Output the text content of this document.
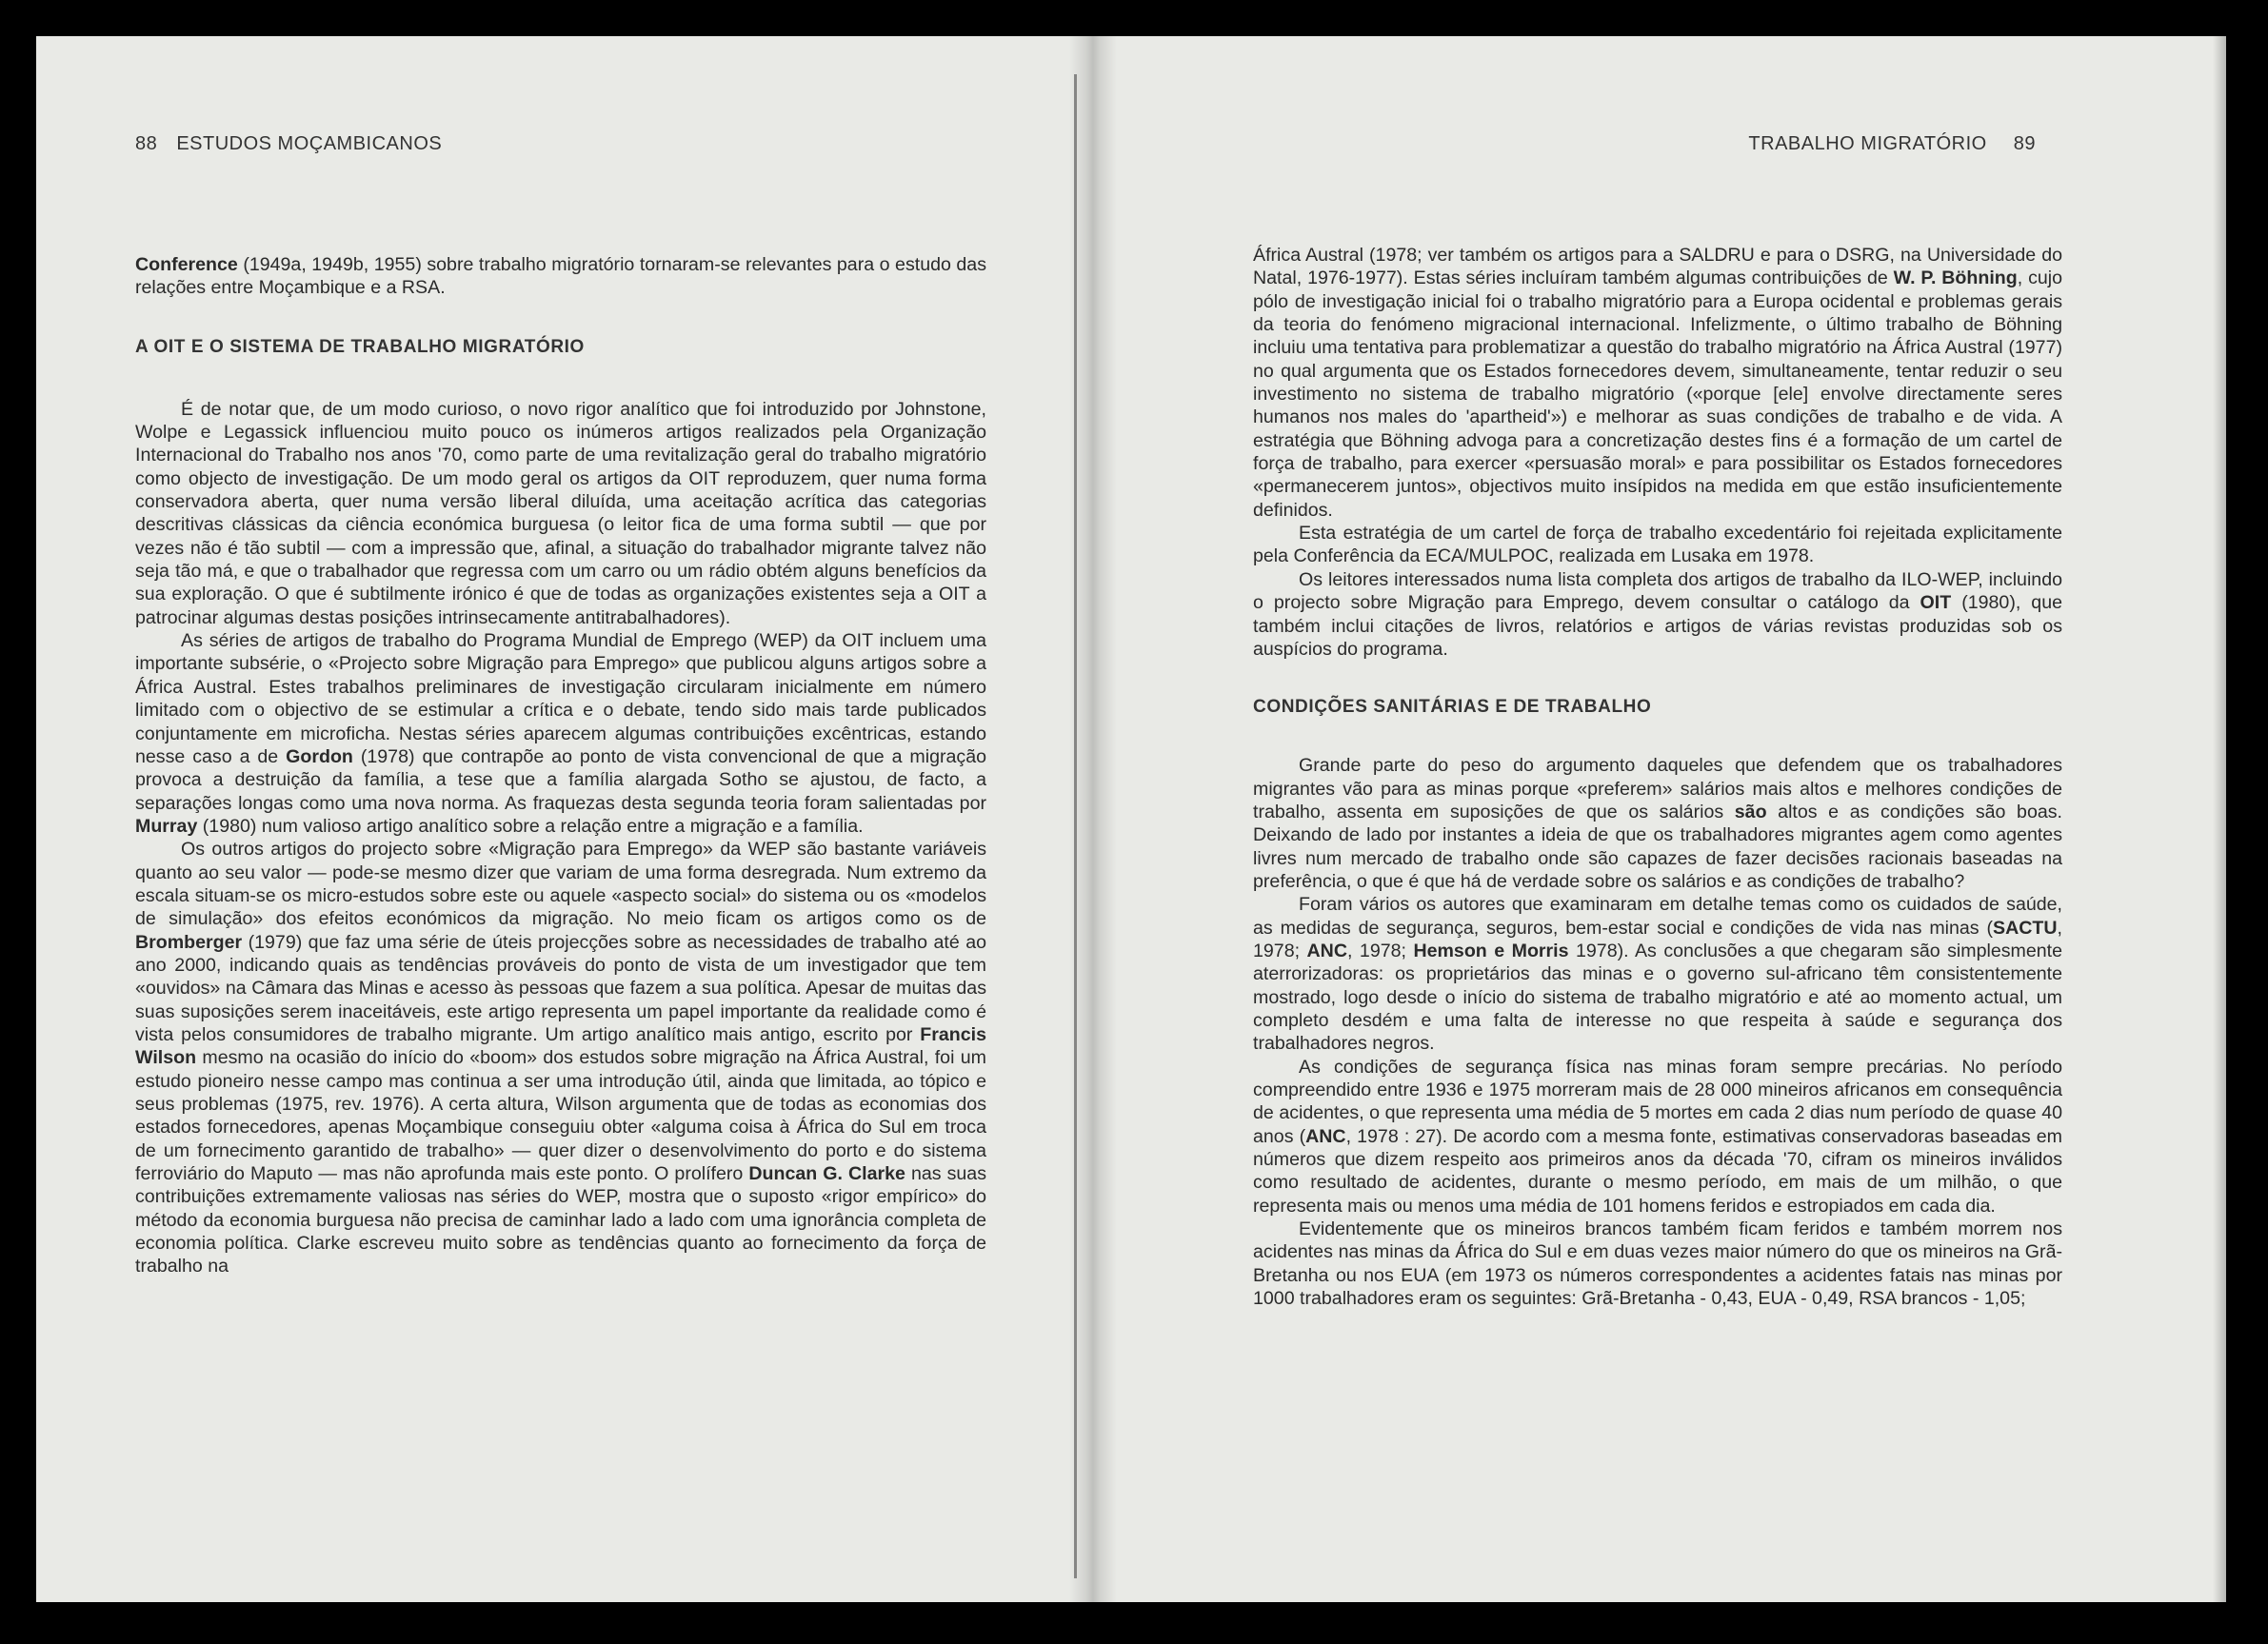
88 ESTUDOS MOÇAMBICANOS

Conference (1949a, 1949b, 1955) sobre trabalho migratório tornaram-se relevantes para o estudo das relações entre Moçambique e a RSA.

A OIT E O SISTEMA DE TRABALHO MIGRATÓRIO

É de notar que, de um modo curioso, o novo rigor analítico que foi introduzido por Johnstone, Wolpe e Legassick influenciou muito pouco os inúmeros artigos realizados pela Organização Internacional do Trabalho nos anos '70, como parte de uma revitalização geral do trabalho migratório como objecto de investigação. De um modo geral os artigos da OIT reproduzem, quer numa forma conservadora aberta, quer numa versão liberal diluída, uma aceitação acrítica das categorias descritivas clássicas da ciência económica burguesa (o leitor fica de uma forma subtil — que por vezes não é tão subtil — com a impressão que, afinal, a situação do trabalhador migrante talvez não seja tão má, e que o trabalhador que regressa com um carro ou um rádio obtém alguns benefícios da sua exploração. O que é subtilmente irónico é que de todas as organizações existentes seja a OIT a patrocinar algumas destas posições intrinsecamente antitrabalhadores).

As séries de artigos de trabalho do Programa Mundial de Emprego (WEP) da OIT incluem uma importante subsérie, o «Projecto sobre Migração para Emprego» que publicou alguns artigos sobre a África Austral. Estes trabalhos preliminares de investigação circularam inicialmente em número limitado com o objectivo de se estimular a crítica e o debate, tendo sido mais tarde publicados conjuntamente em microficha. Nestas séries aparecem algumas contribuições excêntricas, estando nesse caso a de Gordon (1978) que contrapõe ao ponto de vista convencional de que a migração provoca a destruição da família, a tese que a família alargada Sotho se ajustou, de facto, a separações longas como uma nova norma. As fraquezas desta segunda teoria foram salientadas por Murray (1980) num valioso artigo analítico sobre a relação entre a migração e a família.

Os outros artigos do projecto sobre «Migração para Emprego» da WEP são bastante variáveis quanto ao seu valor — pode-se mesmo dizer que variam de uma forma desregrada. Num extremo da escala situam-se os micro-estudos sobre este ou aquele «aspecto social» do sistema ou os «modelos de simulação» dos efeitos económicos da migração. No meio ficam os artigos como os de Bromberger (1979) que faz uma série de úteis projecções sobre as necessidades de trabalho até ao ano 2000, indicando quais as tendências prováveis do ponto de vista de um investigador que tem «ouvidos» na Câmara das Minas e acesso às pessoas que fazem a sua política. Apesar de muitas das suas suposições serem inaceitáveis, este artigo representa um papel importante da realidade como é vista pelos consumidores de trabalho migrante. Um artigo analítico mais antigo, escrito por Francis Wilson mesmo na ocasião do início do «boom» dos estudos sobre migração na África Austral, foi um estudo pioneiro nesse campo mas continua a ser uma introdução útil, ainda que limitada, ao tópico e seus problemas (1975, rev. 1976). A certa altura, Wilson argumenta que de todas as economias dos estados fornecedores, apenas Moçambique conseguiu obter «alguma coisa à África do Sul em troca de um fornecimento garantido de trabalho» — quer dizer o desenvolvimento do porto e do sistema ferroviário do Maputo — mas não aprofunda mais este ponto. O prolífero Duncan G. Clarke nas suas contribuições extremamente valiosas nas séries do WEP, mostra que o suposto «rigor empírico» do método da economia burguesa não precisa de caminhar lado a lado com uma ignorância completa de economia política. Clarke escreveu muito sobre as tendências quanto ao fornecimento da força de trabalho na

TRABALHO MIGRATÓRIO 89

África Austral (1978; ver também os artigos para a SALDRU e para o DSRG, na Universidade do Natal, 1976-1977). Estas séries incluíram também algumas contribuições de W. P. Böhning, cujo pólo de investigação inicial foi o trabalho migratório para a Europa ocidental e problemas gerais da teoria do fenómeno migracional internacional. Infelizmente, o último trabalho de Böhning incluiu uma tentativa para problematizar a questão do trabalho migratório na África Austral (1977) no qual argumenta que os Estados fornecedores devem, simultaneamente, tentar reduzir o seu investimento no sistema de trabalho migratório («porque [ele] envolve directamente seres humanos nos males do 'apartheid'») e melhorar as suas condições de trabalho e de vida. A estratégia que Böhning advoga para a concretização destes fins é a formação de um cartel de força de trabalho, para exercer «persuasão moral» e para possibilitar os Estados fornecedores «permanecerem juntos», objectivos muito insípidos na medida em que estão insuficientemente definidos.

Esta estratégia de um cartel de força de trabalho excedentário foi rejeitada explicitamente pela Conferência da ECA/MULPOC, realizada em Lusaka em 1978.

Os leitores interessados numa lista completa dos artigos de trabalho da ILO-WEP, incluindo o projecto sobre Migração para Emprego, devem consultar o catálogo da OIT (1980), que também inclui citações de livros, relatórios e artigos de várias revistas produzidas sob os auspícios do programa.

CONDIÇÕES SANITÁRIAS E DE TRABALHO

Grande parte do peso do argumento daqueles que defendem que os trabalhadores migrantes vão para as minas porque «preferem» salários mais altos e melhores condições de trabalho, assenta em suposições de que os salários são altos e as condições são boas. Deixando de lado por instantes a ideia de que os trabalhadores migrantes agem como agentes livres num mercado de trabalho onde são capazes de fazer decisões racionais baseadas na preferência, o que é que há de verdade sobre os salários e as condições de trabalho?

Foram vários os autores que examinaram em detalhe temas como os cuidados de saúde, as medidas de segurança, seguros, bem-estar social e condições de vida nas minas (SACTU, 1978; ANC, 1978; Hemson e Morris 1978). As conclusões a que chegaram são simplesmente aterrorizadoras: os proprietários das minas e o governo sul-africano têm consistentemente mostrado, logo desde o início do sistema de trabalho migratório e até ao momento actual, um completo desdém e uma falta de interesse no que respeita à saúde e segurança dos trabalhadores negros.

As condições de segurança física nas minas foram sempre precárias. No período compreendido entre 1936 e 1975 morreram mais de 28 000 mineiros africanos em consequência de acidentes, o que representa uma média de 5 mortes em cada 2 dias num período de quase 40 anos (ANC, 1978 : 27). De acordo com a mesma fonte, estimativas conservadoras baseadas em números que dizem respeito aos primeiros anos da década '70, cifram os mineiros inválidos como resultado de acidentes, durante o mesmo período, em mais de um milhão, o que representa mais ou menos uma média de 101 homens feridos e estropiados em cada dia.

Evidentemente que os mineiros brancos também ficam feridos e também morrem nos acidentes nas minas da África do Sul e em duas vezes maior número do que os mineiros na Grã-Bretanha ou nos EUA (em 1973 os números correspondentes a acidentes fatais nas minas por 1000 trabalhadores eram os seguintes: Grã-Bretanha - 0,43, EUA - 0,49, RSA brancos - 1,05;
